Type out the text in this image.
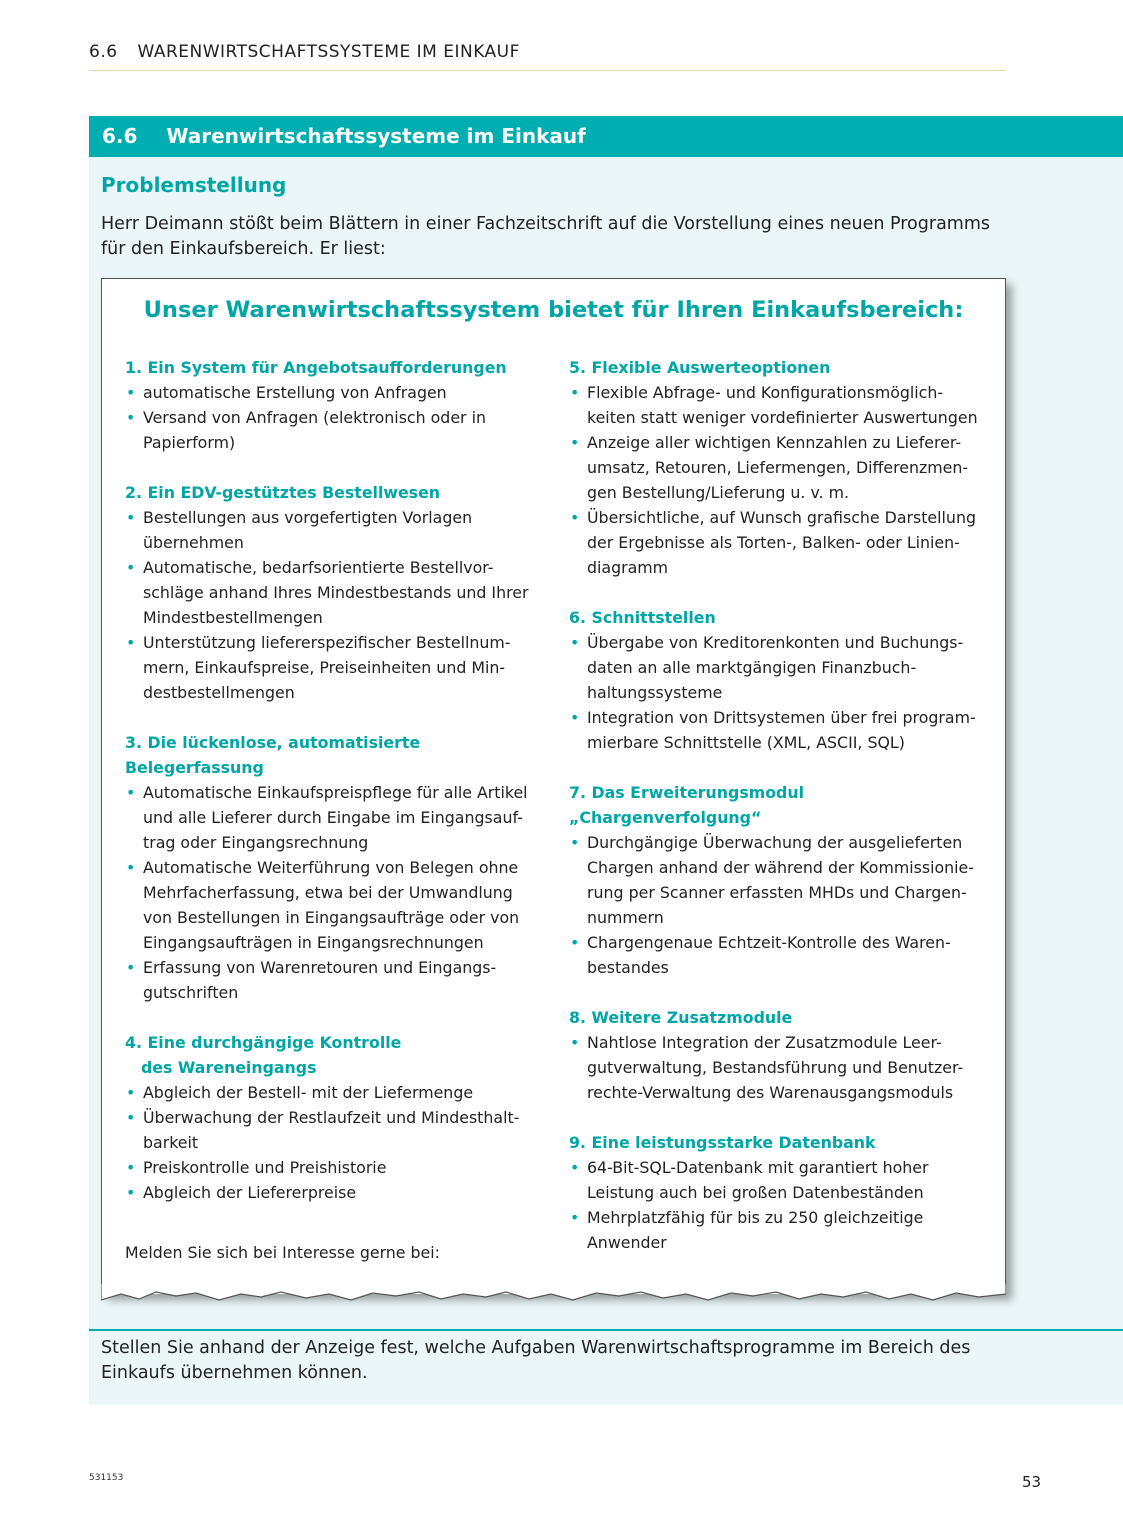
6.6 WARENWIRTSCHAFTSSYSTEME IM EINKAUF
6.6 Warenwirtschaftssysteme im Einkauf
Problemstellung
Herr Deimann stößt beim Blättern in einer Fachzeitschrift auf die Vorstellung eines neuen Programms
für den Einkaufsbereich. Er liest:
Unser Warenwirtschaftssystem bietet für Ihren Einkaufsbereich:
1. Ein System für Angebotsaufforderungen
• automatische Erstellung von Anfragen
• Versand von Anfragen (elektronisch oder in
Papierform)
2. Ein EDV-gestütztes Bestellwesen
• Bestellungen aus vorgefertigten Vorlagen
übernehmen
• Automatische, bedarfsorientierte Bestellvor-
schläge anhand Ihres Mindestbestands und Ihrer
Mindestbestellmengen
• Unterstützung liefererspezifischer Bestellnum-
mern, Einkaufspreise, Preiseinheiten und Min-
destbestellmengen
3. Die lückenlose, automatisierte Belegerfassung
• Automatische Einkaufspreispflege für alle Artikel
und alle Lieferer durch Eingabe im Eingangsauf-
trag oder Eingangsrechnung
• Automatische Weiterführung von Belegen ohne
Mehrfacherfassung, etwa bei der Umwandlung
von Bestellungen in Eingangsaufträge oder von
Eingangsaufträgen in Eingangsrechnungen
• Erfassung von Warenretouren und Eingangs-
gutschriften
4. Eine durchgängige Kontrolle
des Wareneingangs
• Abgleich der Bestell- mit der Liefermenge
• Überwachung der Restlaufzeit und Mindesthalt-
barkeit
• Preiskontrolle und Preishistorie
• Abgleich der Liefererpreise
5. Flexible Auswerteoptionen
• Flexible Abfrage- und Konfigurationsmöglich-
keiten statt weniger vordefinierter Auswertungen
• Anzeige aller wichtigen Kennzahlen zu Lieferer-
umsatz, Retouren, Liefermengen, Differenzmen-
gen Bestellung/Lieferung u. v. m.
• Übersichtliche, auf Wunsch grafische Darstellung
der Ergebnisse als Torten-, Balken- oder Linien-
diagramm
6. Schnittstellen
• Übergabe von Kreditorenkonten und Buchungs-
daten an alle marktgängigen Finanzbuch-
haltungssysteme
• Integration von Drittsystemen über frei program-
mierbare Schnittstelle (XML, ASCII, SQL)
7. Das Erweiterungsmodul „Chargenverfolgung“
• Durchgängige Überwachung der ausgelieferten
Chargen anhand der während der Kommissionie-
rung per Scanner erfassten MHDs und Chargen-
nummern
• Chargengenaue Echtzeit-Kontrolle des Waren-
bestandes
8. Weitere Zusatzmodule
• Nahtlose Integration der Zusatzmodule Leer-
gutverwaltung, Bestandsführung und Benutzer-
rechte-Verwaltung des Warenausgangsmoduls
9. Eine leistungsstarke Datenbank
• 64-Bit-SQL-Datenbank mit garantiert hoher
Leistung auch bei großen Datenbeständen
• Mehrplatzfähig für bis zu 250 gleichzeitige
Anwender
Melden Sie sich bei Interesse gerne bei:
Stellen Sie anhand der Anzeige fest, welche Aufgaben Warenwirtschaftsprogramme im Bereich des
Einkaufs übernehmen können.
531153	53
